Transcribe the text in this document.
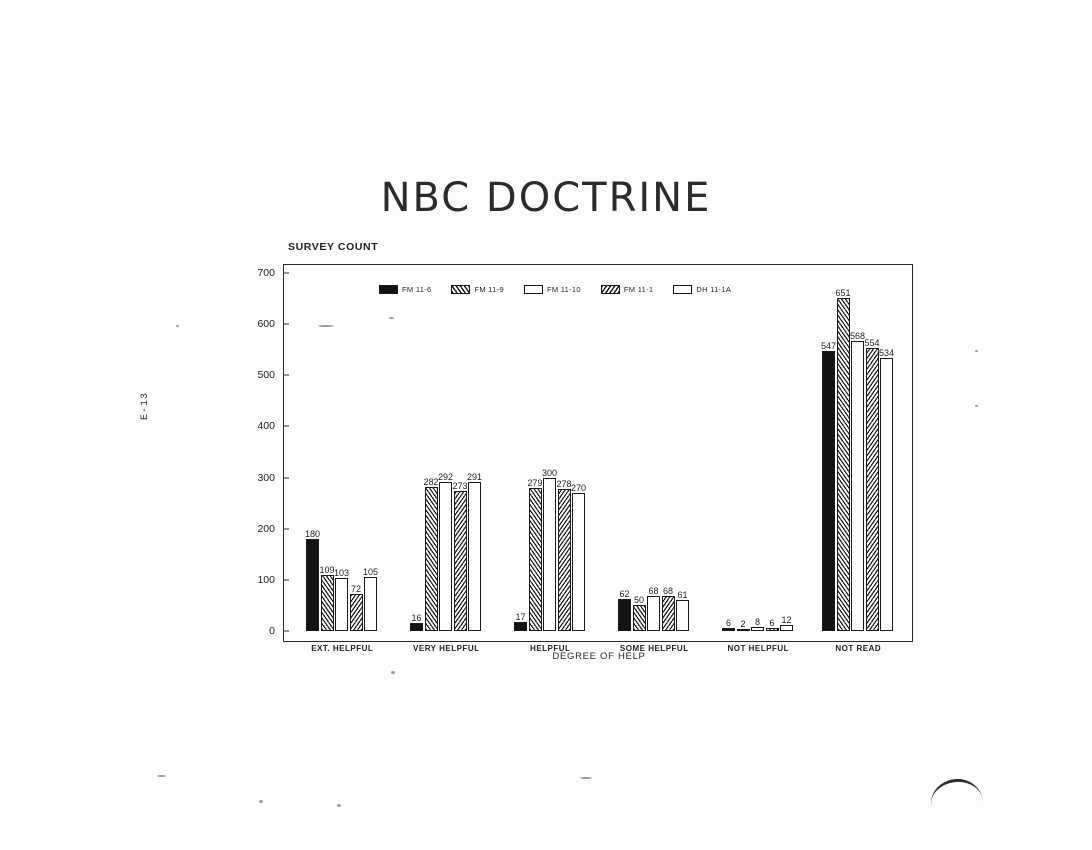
E-13
NBC DOCTRINE
SURVEY COUNT
0
100
200
300
400
500
600
700
FM 11-6	FM 11-9	FM 11-10	FM 11-1	DH 11-1A
180
109 103
72
105
EXT. HELPFUL
16
282
292
273
291
VERY HELPFUL
17
279
300
278 270
HELPFUL
62
50
68 68 61
SOME HELPFUL
6 2 8 6 12
NOT HELPFUL
547
651
568
554
534
NOT READ
DEGREE OF HELP
